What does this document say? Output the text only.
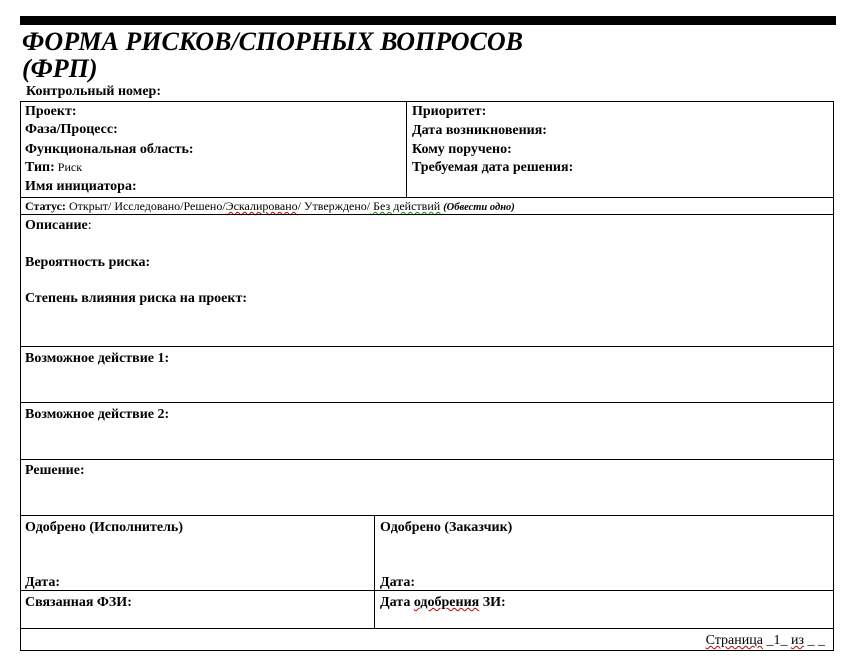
ФОРМА РИСКОВ/СПОРНЫХ ВОПРОСОВ
(ФРП)
Контрольный номер:
Проект:
Фаза/Процесс:
Функциональная область:
Тип: Риск
Имя инициатора:
Приоритет:
Дата возникновения:
Кому поручено:
Требуемая дата решения:
Статус: Открыт/ Исследовано/Решено/Эскалировано/ Утверждено/ Без действий (Обвести одно)
Описание:
Вероятность риска:
Степень влияния риска на проект:
Возможное действие 1:
Возможное действие 2:
Решение:
Одобрено (Исполнитель)	Одобрено (Заказчик)
Дата:	Дата:
Связанная ФЗИ:	Дата одобрения ЗИ:
Страница _1_ из _ _
